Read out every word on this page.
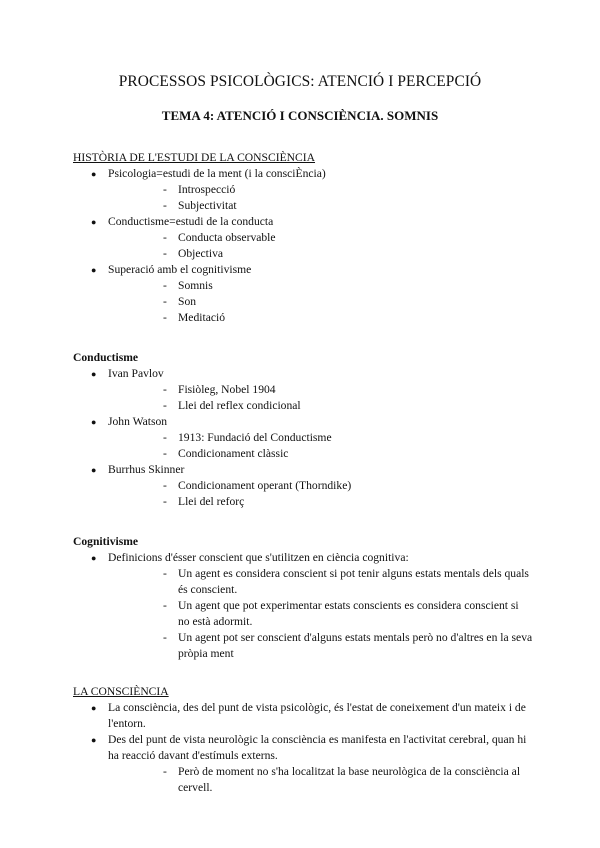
PROCESSOS PSICOLÒGICS: ATENCIÓ I PERCEPCIÓ
TEMA 4: ATENCIÓ I CONSCIÈNCIA. SOMNIS
HISTÒRIA DE L'ESTUDI DE LA CONSCIÈNCIA
● Psicologia=estudi de la ment (i la consciÈncia)
- Introspecció
- Subjectivitat
● Conductisme=estudi de la conducta
- Conducta observable
- Objectiva
● Superació amb el cognitivisme
- Somnis
- Son
- Meditació
Conductisme
● Ivan Pavlov
- Fisiòleg, Nobel 1904
- Llei del reflex condicional
● John Watson
- 1913: Fundació del Conductisme
- Condicionament clàssic
● Burrhus Skinner
- Condicionament operant (Thorndike)
- Llei del reforç
Cognitivisme
● Definicions d'ésser conscient que s'utilitzen en ciència cognitiva:
- Un agent es considera conscient si pot tenir alguns estats mentals dels quals és conscient.
- Un agent que pot experimentar estats conscients es considera conscient si no està adormit.
- Un agent pot ser conscient d'alguns estats mentals però no d'altres en la seva pròpia ment
LA CONSCIÈNCIA
● La consciència, des del punt de vista psicològic, és l'estat de coneixement d'un mateix i de l'entorn.
● Des del punt de vista neurològic la consciència es manifesta en l'activitat cerebral, quan hi ha reacció davant d'estímuls externs.
- Però de moment no s'ha localitzat la base neurològica de la consciència al cervell.
